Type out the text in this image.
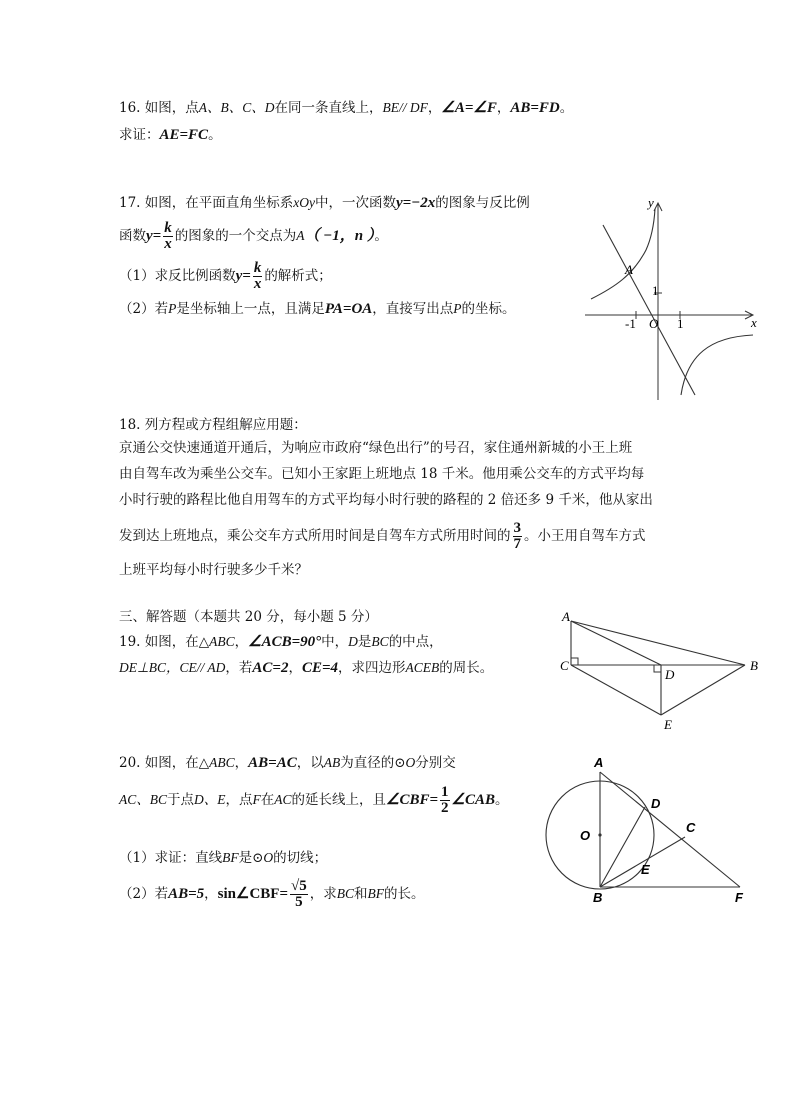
16. 如图，点A、B、C、D在同一条直线上，BE// DF，∠A=∠F，AB=FD。
求证：AE=FC。
17. 如图，在平面直角坐标系xOy中，一次函数y=−2x的图象与反比例
函数$y= \frac{k}{x}$ 的图象的一个交点为A（ −1，n ）。
（1）求反比例函数$y= \frac{k}{x}$ 的解析式；
（2）若P是坐标轴上一点，且满足PA=OA，直接写出点P的坐标。
y
x
O
-1	1
1
A
18. 列方程或方程组解应用题：
京通公交快速通道开通后，为响应市政府“绿色出行”的号召，家住通州新城的小王上班
由自驾车改为乘坐公交车。已知小王家距上班地点 18 千米。他用乘公交车的方式平均每
小时行驶的路程比他自用驾车的方式平均每小时行驶的路程的 2 倍还多 9 千米，他从家出
发到达上班地点，乘公交车方式所用时间是自驾车方式所用时间的 $\frac{3}{7}$ 。小王用自驾车方式
上班平均每小时行驶多少千米？
三、解答题（本题共 20 分，每小题 5 分）
19. 如图，在△ABC，∠ACB=90°中，D是BC的中点，
DE⊥BC，CE// AD，若AC=2，CE=4，求四边形ACEB的周长。
A
C	B
D
E
20. 如图，在△ABC，AB=AC，以AB为直径的⊙O分别交
AC、BC于点D、E，点F在AC的延长线上，且∠CBF= $\frac{1}{2}$ ∠CAB。
（1）求证：直线BF是⊙O的切线；
（2）若AB=5，sin∠CBF= $\frac{√5}{5}$ ，求BC和BF的长。
A
O
D
C
E
B	F
